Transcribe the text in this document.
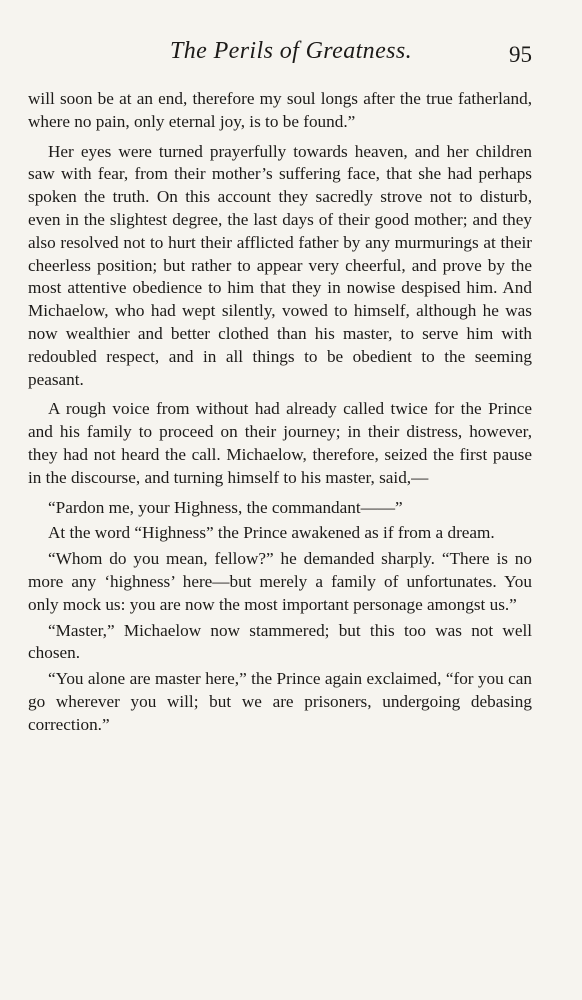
The Perils of Greatness.	95

will soon be at an end, therefore my soul longs after the true fatherland, where no pain, only eternal joy, is to be found.”

Her eyes were turned prayerfully towards heaven, and her children saw with fear, from their mother’s suffering face, that she had perhaps spoken the truth. On this account they sacredly strove not to disturb, even in the slightest degree, the last days of their good mother; and they also resolved not to hurt their afflicted father by any murmurings at their cheerless position; but rather to appear very cheerful, and prove by the most attentive obedience to him that they in nowise despised him. And Michaelow, who had wept silently, vowed to himself, although he was now wealthier and better clothed than his master, to serve him with redoubled respect, and in all things to be obedient to the seeming peasant.

A rough voice from without had already called twice for the Prince and his family to proceed on their journey; in their distress, however, they had not heard the call. Michaelow, therefore, seized the first pause in the discourse, and turning himself to his master, said,—

“Pardon me, your Highness, the commandant——”

At the word “Highness” the Prince awakened as if from a dream.

“Whom do you mean, fellow?” he demanded sharply. “There is no more any ‘highness’ here—but merely a family of unfortunates. You only mock us: you are now the most important personage amongst us.”

“Master,” Michaelow now stammered; but this too was not well chosen.

“You alone are master here,” the Prince again exclaimed, “for you can go wherever you will; but we are prisoners, undergoing debasing correction.”
